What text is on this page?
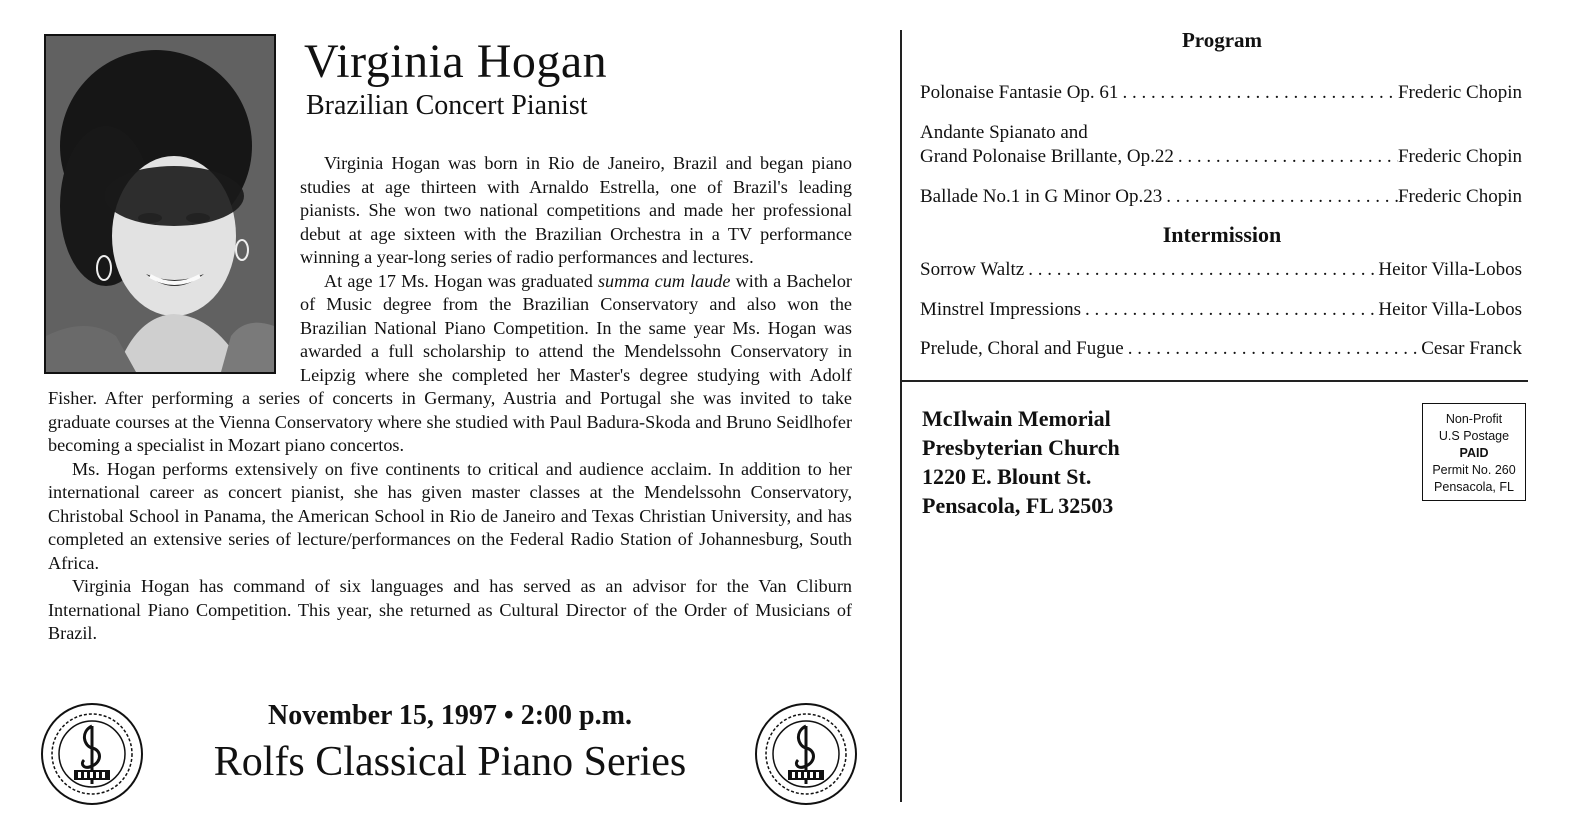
Virginia Hogan
Brazilian Concert Pianist

Virginia Hogan was born in Rio de Janeiro, Brazil and began piano studies at age thirteen with Arnaldo Estrella, one of Brazil's leading pianists. She won two national competitions and made her professional debut at age sixteen with the Brazilian Orchestra in a TV performance winning a year-long series of radio performances and lectures.

At age 17 Ms. Hogan was graduated summa cum laude with a Bachelor of Music degree from the Brazilian Conservatory and also won the Brazilian National Piano Competition. In the same year Ms. Hogan was awarded a full scholarship to attend the Mendelssohn Conservatory in Leipzig where she completed her Master's degree studying with Adolf Fisher. After performing a series of concerts in Germany, Austria and Portugal she was invited to take graduate courses at the Vienna Conservatory where she studied with Paul Badura-Skoda and Bruno Seidlhofer becoming a specialist in Mozart piano concertos.

Ms. Hogan performs extensively on five continents to critical and audience acclaim. In addition to her international career as concert pianist, she has given master classes at the Mendelssohn Conservatory, Christobal School in Panama, the American School in Rio de Janeiro and Texas Christian University, and has completed an extensive series of lecture/performances on the Federal Radio Station of Johannesburg, South Africa.

Virginia Hogan has command of six languages and has served as an advisor for the Van Cliburn International Piano Competition. This year, she returned as Cultural Director of the Order of Musicians of Brazil.

November 15, 1997 • 2:00 p.m.
Rolfs Classical Piano Series
Program
Polonaise Fantasie Op. 61 . . .	Frederic Chopin
Andante Spianato and
Grand Polonaise Brillante, Op.22 . . .	Frederic Chopin
Ballade No.1 in G Minor Op.23 . . .	Frederic Chopin
Intermission
Sorrow Waltz . . .	Heitor Villa-Lobos
Minstrel Impressions . . .	Heitor Villa-Lobos
Prelude, Choral and Fugue . . .	Cesar Franck
McIlwain Memorial
Presbyterian Church
1220 E. Blount St.
Pensacola, FL 32503
Non-Profit
U.S Postage
PAID
Permit No. 260
Pensacola, FL
